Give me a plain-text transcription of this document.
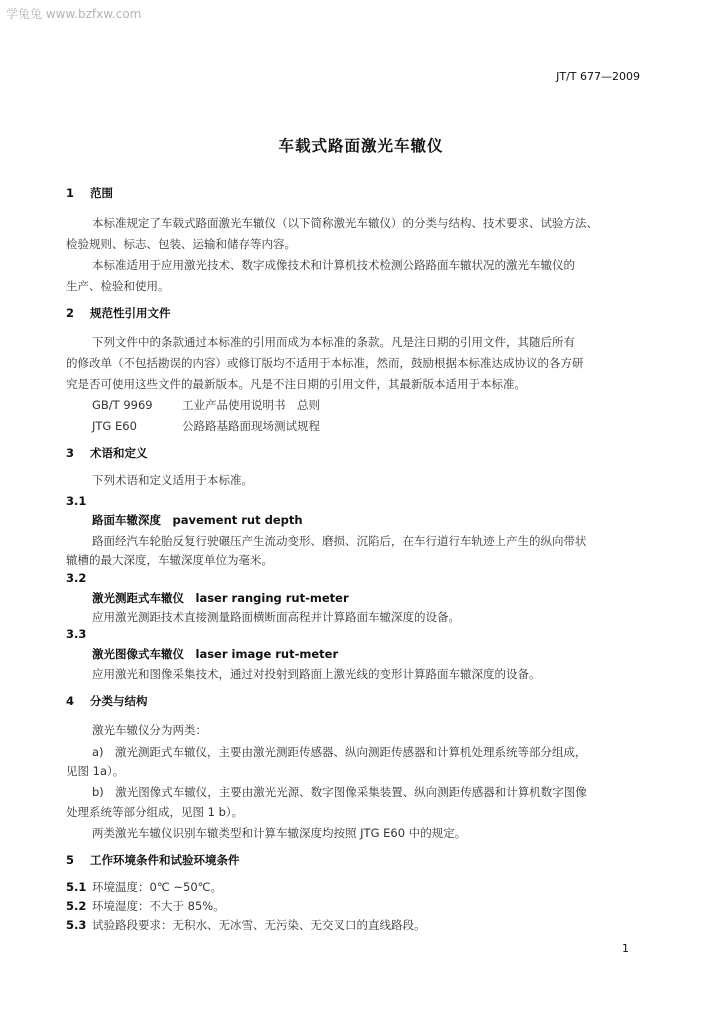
学兔兔 www.bzfxw.com
JT/T 677—2009
车载式路面激光车辙仪
1 范围
本标准规定了车载式路面激光车辙仪（以下简称激光车辙仪）的分类与结构、技术要求、试验方法、
检验规则、标志、包装、运输和储存等内容。
本标准适用于应用激光技术、数字成像技术和计算机技术检测公路路面车辙状况的激光车辙仪的
生产、检验和使用。
2 规范性引用文件
下列文件中的条款通过本标准的引用而成为本标准的条款。凡是注日期的引用文件，其随后所有
的修改单（不包括勘误的内容）或修订版均不适用于本标准，然而，鼓励根据本标准达成协议的各方研
究是否可使用这些文件的最新版本。凡是不注日期的引用文件，其最新版本适用于本标准。
GB/T 9969	工业产品使用说明书　总则
JTG E60	公路路基路面现场测试规程
3 术语和定义
下列术语和定义适用于本标准。
3.1
路面车辙深度　pavement rut depth
路面经汽车轮胎反复行驶碾压产生流动变形、磨损、沉陷后，在车行道行车轨迹上产生的纵向带状
辙槽的最大深度，车辙深度单位为毫米。
3.2
激光测距式车辙仪　laser ranging rut-meter
应用激光测距技术直接测量路面横断面高程并计算路面车辙深度的设备。
3.3
激光图像式车辙仪　laser image rut-meter
应用激光和图像采集技术，通过对投射到路面上激光线的变形计算路面车辙深度的设备。
4 分类与结构
激光车辙仪分为两类：
a)　激光测距式车辙仪，主要由激光测距传感器、纵向测距传感器和计算机处理系统等部分组成，
见图 1a）。
b)　激光图像式车辙仪，主要由激光光源、数字图像采集装置、纵向测距传感器和计算机数字图像
处理系统等部分组成，见图 1 b）。
两类激光车辙仪识别车辙类型和计算车辙深度均按照 JTG E60 中的规定。
5 工作环境条件和试验环境条件
5.1 环境温度：0℃ ~50℃。
5.2 环境湿度：不大于 85%。
5.3 试验路段要求：无积水、无冰雪、无污染、无交叉口的直线路段。
1
